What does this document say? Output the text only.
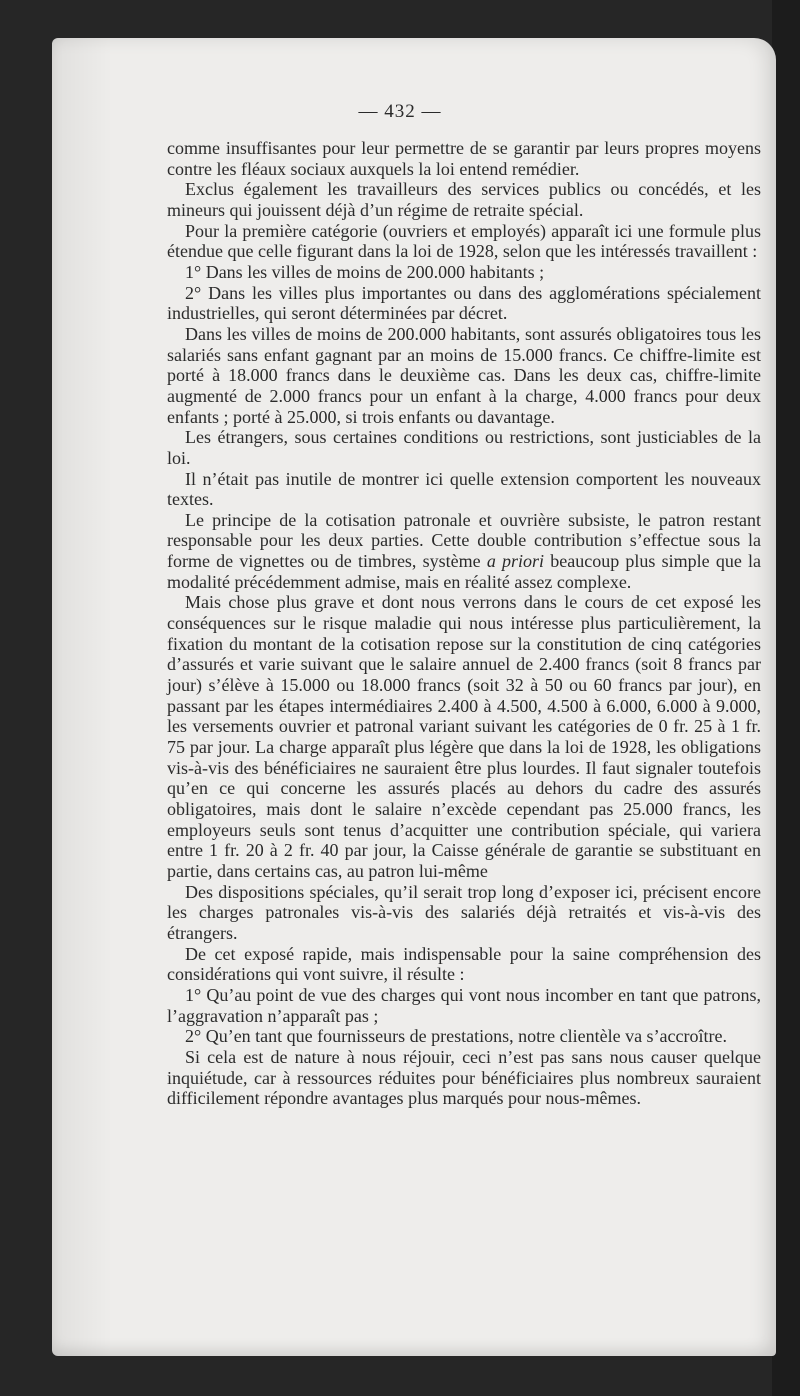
— 432 —

comme insuffisantes pour leur permettre de se garantir par leurs propres moyens contre les fléaux sociaux auxquels la loi entend remédier.

Exclus également les travailleurs des services publics ou concédés, et les mineurs qui jouissent déjà d’un régime de retraite spécial.

Pour la première catégorie (ouvriers et employés) apparaît ici une formule plus étendue que celle figurant dans la loi de 1928, selon que les intéressés travaillent :

1° Dans les villes de moins de 200.000 habitants ;

2° Dans les villes plus importantes ou dans des agglomérations spécialement industrielles, qui seront déterminées par décret.

Dans les villes de moins de 200.000 habitants, sont assurés obligatoires tous les salariés sans enfant gagnant par an moins de 15.000 francs. Ce chiffre-limite est porté à 18.000 francs dans le deuxième cas. Dans les deux cas, chiffre-limite augmenté de 2.000 francs pour un enfant à la charge, 4.000 francs pour deux enfants ; porté à 25.000, si trois enfants ou davantage.

Les étrangers, sous certaines conditions ou restrictions, sont justiciables de la loi.

Il n’était pas inutile de montrer ici quelle extension comportent les nouveaux textes.

Le principe de la cotisation patronale et ouvrière subsiste, le patron restant responsable pour les deux parties. Cette double contribution s’effectue sous la forme de vignettes ou de timbres, système a priori beaucoup plus simple que la modalité précédemment admise, mais en réalité assez complexe.

Mais chose plus grave et dont nous verrons dans le cours de cet exposé les conséquences sur le risque maladie qui nous intéresse plus particulièrement, la fixation du montant de la cotisation repose sur la constitution de cinq catégories d’assurés et varie suivant que le salaire annuel de 2.400 francs (soit 8 francs par jour) s’élève à 15.000 ou 18.000 francs (soit 32 à 50 ou 60 francs par jour), en passant par les étapes intermédiaires 2.400 à 4.500, 4.500 à 6.000, 6.000 à 9.000, les versements ouvrier et patronal variant suivant les catégories de 0 fr. 25 à 1 fr. 75 par jour. La charge apparaît plus légère que dans la loi de 1928, les obligations vis-à-vis des bénéficiaires ne sauraient être plus lourdes. Il faut signaler toutefois qu’en ce qui concerne les assurés placés au dehors du cadre des assurés obligatoires, mais dont le salaire n’excède cependant pas 25.000 francs, les employeurs seuls sont tenus d’acquitter une contribution spéciale, qui variera entre 1 fr. 20 à 2 fr. 40 par jour, la Caisse générale de garantie se substituant en partie, dans certains cas, au patron lui-même

Des dispositions spéciales, qu’il serait trop long d’exposer ici, précisent encore les charges patronales vis-à-vis des salariés déjà retraités et vis-à-vis des étrangers.

De cet exposé rapide, mais indispensable pour la saine compréhension des considérations qui vont suivre, il résulte :

1° Qu’au point de vue des charges qui vont nous incomber en tant que patrons, l’aggravation n’apparaît pas ;

2° Qu’en tant que fournisseurs de prestations, notre clientèle va s’accroître.

Si cela est de nature à nous réjouir, ceci n’est pas sans nous causer quelque inquiétude, car à ressources réduites pour bénéficiaires plus nombreux sauraient difficilement répondre avantages plus marqués pour nous-mêmes.
